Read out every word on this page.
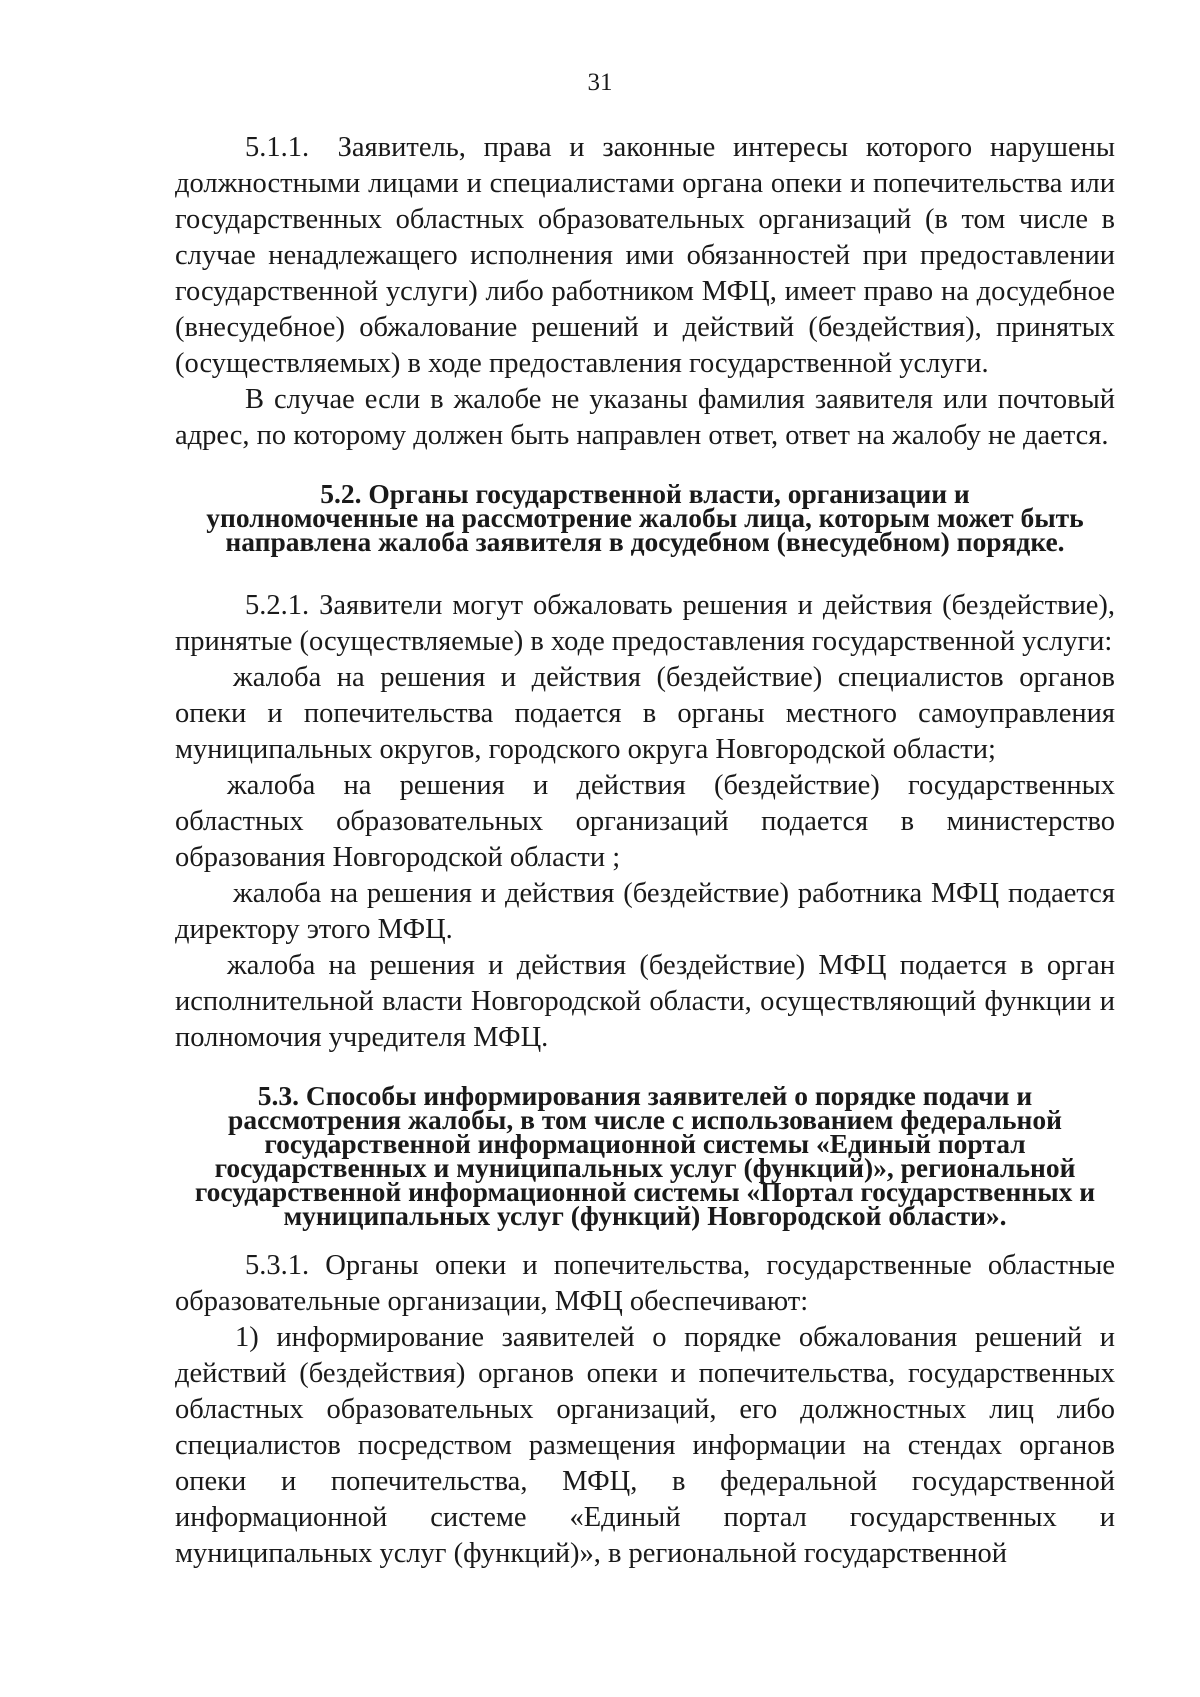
31

5.1.1.  Заявитель, права и законные интересы которого нарушены должностными лицами и специалистами органа опеки и попечительства или государственных областных образовательных организаций (в том числе в случае ненадлежащего исполнения ими обязанностей при предоставлении государственной услуги) либо работником МФЦ, имеет право на досудебное (внесудебное) обжалование решений и действий (бездействия), принятых (осуществляемых) в ходе предоставления государственной услуги.

В случае если в жалобе не указаны фамилия заявителя или почтовый адрес, по которому должен быть направлен ответ, ответ на жалобу не дается.

5.2. Органы государственной власти, организации и
уполномоченные на рассмотрение жалобы лица, которым может быть
направлена жалоба заявителя в досудебном (внесудебном) порядке.

5.2.1. Заявители могут обжаловать решения и действия (бездействие), принятые (осуществляемые) в ходе предоставления государственной услуги:

жалоба на решения и действия (бездействие) специалистов органов опеки и попечительства подается в органы местного самоуправления муниципальных округов, городского округа Новгородской области;

жалоба на решения и действия (бездействие) государственных областных образовательных организаций подается в министерство образования Новгородской области ;

жалоба на решения и действия (бездействие) работника МФЦ подается директору этого МФЦ.

жалоба на решения и действия (бездействие) МФЦ подается в орган исполнительной власти Новгородской области, осуществляющий функции и полномочия учредителя МФЦ.

5.3. Способы информирования заявителей о порядке подачи и
рассмотрения жалобы, в том числе с использованием федеральной
государственной информационной системы «Единый портал
государственных и муниципальных услуг (функций)», региональной
государственной информационной системы «Портал государственных и
муниципальных услуг (функций) Новгородской области».

5.3.1. Органы опеки и попечительства, государственные областные образовательные организации, МФЦ обеспечивают:

1) информирование заявителей о порядке обжалования решений и действий (бездействия) органов опеки и попечительства, государственных областных образовательных организаций, его должностных лиц либо специалистов посредством размещения информации на стендах органов опеки и попечительства, МФЦ, в федеральной государственной информационной системе «Единый портал государственных и муниципальных услуг (функций)», в региональной государственной
